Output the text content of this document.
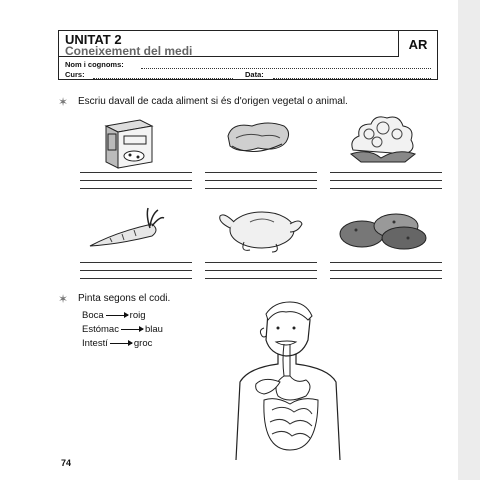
UNITAT 2
Coneixement del medi	AR
Nom i cognoms:
Curs:	Data:
✶ Escriu davall de cada aliment si és d'origen vegetal o animal.
✶ Pinta segons el codi.
Boca	roig
Estómac	blau
Intestí	groc
74
